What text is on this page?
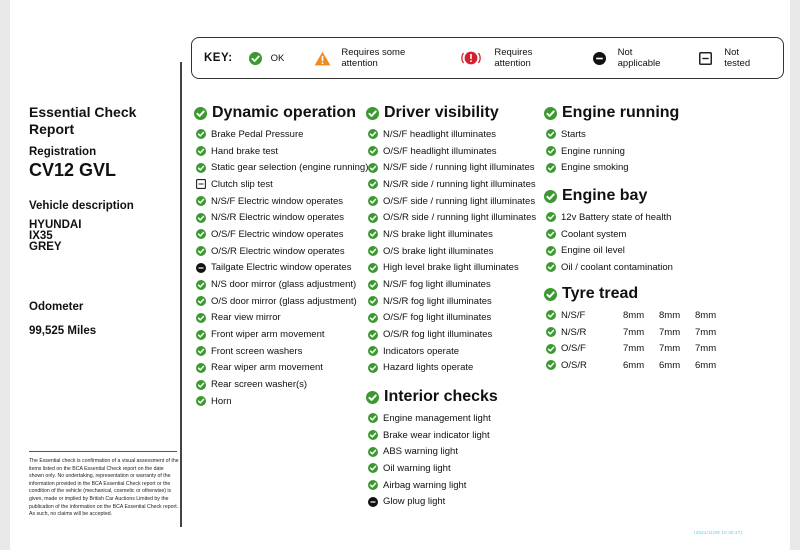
KEY:	OK	Requires some attention
Requires attention
Not applicable
Not tested
Essential Check
Report
Registration
CV12 GVL
Vehicle description
HYUNDAI
IX35
GREY
Odometer
99,525 Miles
The Essential check is confirmation of a visual assessment of the items listed on the BCA Essential Check report on the date shown only. No undertaking, representation or warranty of the information provided in the BCA Essential Check report or the condition of the vehicle (mechanical, cosmetic or otherwise) is given, made or implied by British Car Auctions Limited by the publication of the information on the BCA Essential Check report. As such, no claims will be accepted.
Dynamic operation
Brake Pedal Pressure
Hand brake test
Static gear selection (engine running)
Clutch slip test
N/S/F Electric window operates
N/S/R Electric window operates
O/S/F Electric window operates
O/S/R Electric window operates
Tailgate Electric window operates
N/S door mirror (glass adjustment)
O/S door mirror (glass adjustment)
Rear view mirror
Front wiper arm movement
Front screen washers
Rear wiper arm movement
Rear screen washer(s)
Horn
Driver visibility
N/S/F headlight illuminates
O/S/F headlight illuminates
N/S/F side / running light illuminates
N/S/R side / running light illuminates
O/S/F side / running light illuminates
O/S/R side / running light illuminates
N/S brake light illuminates
O/S brake light illuminates
High level brake light illuminates
N/S/F fog light illuminates
N/S/R fog light illuminates
O/S/F fog light illuminates
O/S/R fog light illuminates
Indicators operate
Hazard lights operate
Interior checks
Engine management light
Brake wear indicator light
ABS warning light
Oil warning light
Airbag warning light
Glow plug light
Engine running
Starts
Engine running
Engine smoking
Engine bay
12v Battery state of health
Coolant system
Engine oil level
Oil / coolant contamination
Tyre tread
N/S/F	8mm	8mm	8mm
N/S/R	7mm	7mm	7mm
O/S/F	7mm	7mm	7mm
O/S/R	6mm	6mm	6mm
(2021/11/09 10:30:47)
